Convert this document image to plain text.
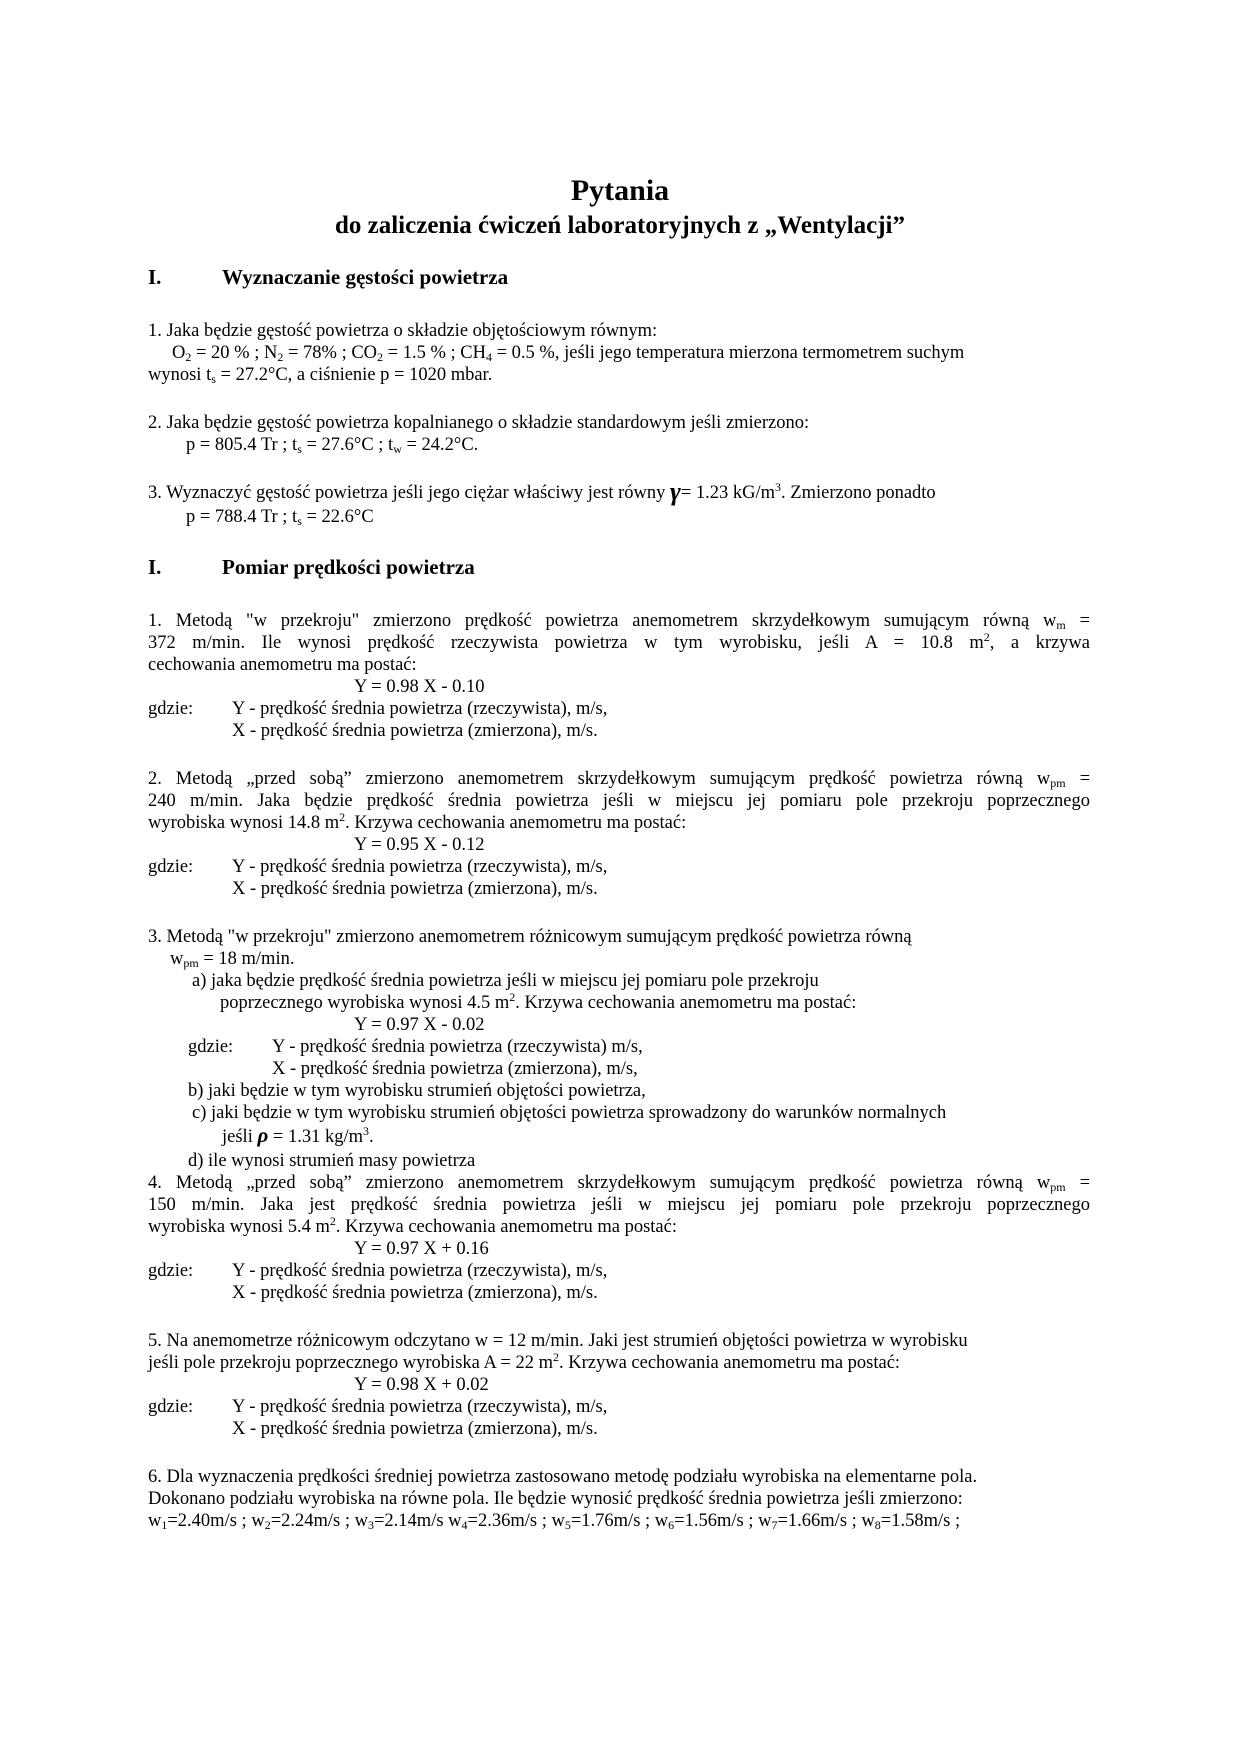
Pytania
do zaliczenia ćwiczeń laboratoryjnych z „Wentylacji”
I.	Wyznaczanie gęstości powietrza
1. Jaka będzie gęstość powietrza o składzie objętościowym równym:
$O_2 = 20$ % ; $N_2 = 78\%$ ; $CO_2 = 1.5$ % ; $CH_4 = 0.5$ %, jeśli jego temperatura mierzona termometrem suchym
wynosi $t_s = 27.2^\circ C$, a ciśnienie p = 1020 mbar.
2. Jaka będzie gęstość powietrza kopalnianego o składzie standardowym jeśli zmierzono:
p = 805.4 Tr ; $t_s = 27.6^\circ C$ ; $t_w = 24.2^\circ C$.
3. Wyznaczyć gęstość powietrza jeśli jego ciężar właściwy jest równy γ= 1.23 $kG/m^3$. Zmierzono ponadto
p = 788.4 Tr ; $t_s = 22.6^\circ C$
I.	Pomiar prędkości powietrza
1. Metodą "w przekroju" zmierzono prędkość powietrza anemometrem skrzydełkowym sumującym równą $w_m$ =
372 m/min. Ile wynosi prędkość rzeczywista powietrza w tym wyrobisku, jeśli A = 10.8 $m^2$, a krzywa
cechowania anemometru ma postać:
Y = 0.98 X - 0.10
gdzie: Y - prędkość średnia powietrza (rzeczywista), m/s,
X - prędkość średnia powietrza (zmierzona), m/s.
2. Metodą „przed sobą” zmierzono anemometrem skrzydełkowym sumującym prędkość powietrza równą $w_{pm}$ =
240 m/min. Jaka będzie prędkość średnia powietrza jeśli w miejscu jej pomiaru pole przekroju poprzecznego
wyrobiska wynosi 14.8 $m^2$. Krzywa cechowania anemometru ma postać:
Y = 0.95 X - 0.12
gdzie: Y - prędkość średnia powietrza (rzeczywista), m/s,
X - prędkość średnia powietrza (zmierzona), m/s.
3. Metodą "w przekroju" zmierzono anemometrem różnicowym sumującym prędkość powietrza równą
$w_{pm} = 18$ m/min.
a) jaka będzie prędkość średnia powietrza jeśli w miejscu jej pomiaru pole przekroju
poprzecznego wyrobiska wynosi 4.5 $m^2$. Krzywa cechowania anemometru ma postać:
Y = 0.97 X - 0.02
gdzie: Y - prędkość średnia powietrza (rzeczywista) m/s,
X - prędkość średnia powietrza (zmierzona), m/s,
b) jaki będzie w tym wyrobisku strumień objętości powietrza,
c) jaki będzie w tym wyrobisku strumień objętości powietrza sprowadzony do warunków normalnych
jeśli ρ = 1.31 $kg/m^3$.
d) ile wynosi strumień masy powietrza
4. Metodą „przed sobą” zmierzono anemometrem skrzydełkowym sumującym prędkość powietrza równą $w_{pm}$ =
150 m/min. Jaka jest prędkość średnia powietrza jeśli w miejscu jej pomiaru pole przekroju poprzecznego
wyrobiska wynosi 5.4 $m^2$. Krzywa cechowania anemometru ma postać:
Y = 0.97 X + 0.16
gdzie: Y - prędkość średnia powietrza (rzeczywista), m/s,
X - prędkość średnia powietrza (zmierzona), m/s.
5. Na anemometrze różnicowym odczytano w = 12 m/min. Jaki jest strumień objętości powietrza w wyrobisku
jeśli pole przekroju poprzecznego wyrobiska A = 22 $m^2$. Krzywa cechowania anemometru ma postać:
Y = 0.98 X + 0.02
gdzie: Y - prędkość średnia powietrza (rzeczywista), m/s,
X - prędkość średnia powietrza (zmierzona), m/s.
6. Dla wyznaczenia prędkości średniej powietrza zastosowano metodę podziału wyrobiska na elementarne pola.
Dokonano podziału wyrobiska na równe pola. Ile będzie wynosić prędkość średnia powietrza jeśli zmierzono:
$w_1=2.40m/s$ ; $w_2=2.24m/s$ ; $w_3=2.14m/s$ $w_4=2.36m/s$ ; $w_5=1.76m/s$ ; $w_6=1.56m/s$ ; $w_7=1.66m/s$ ; $w_8=1.58m/s$ ;
